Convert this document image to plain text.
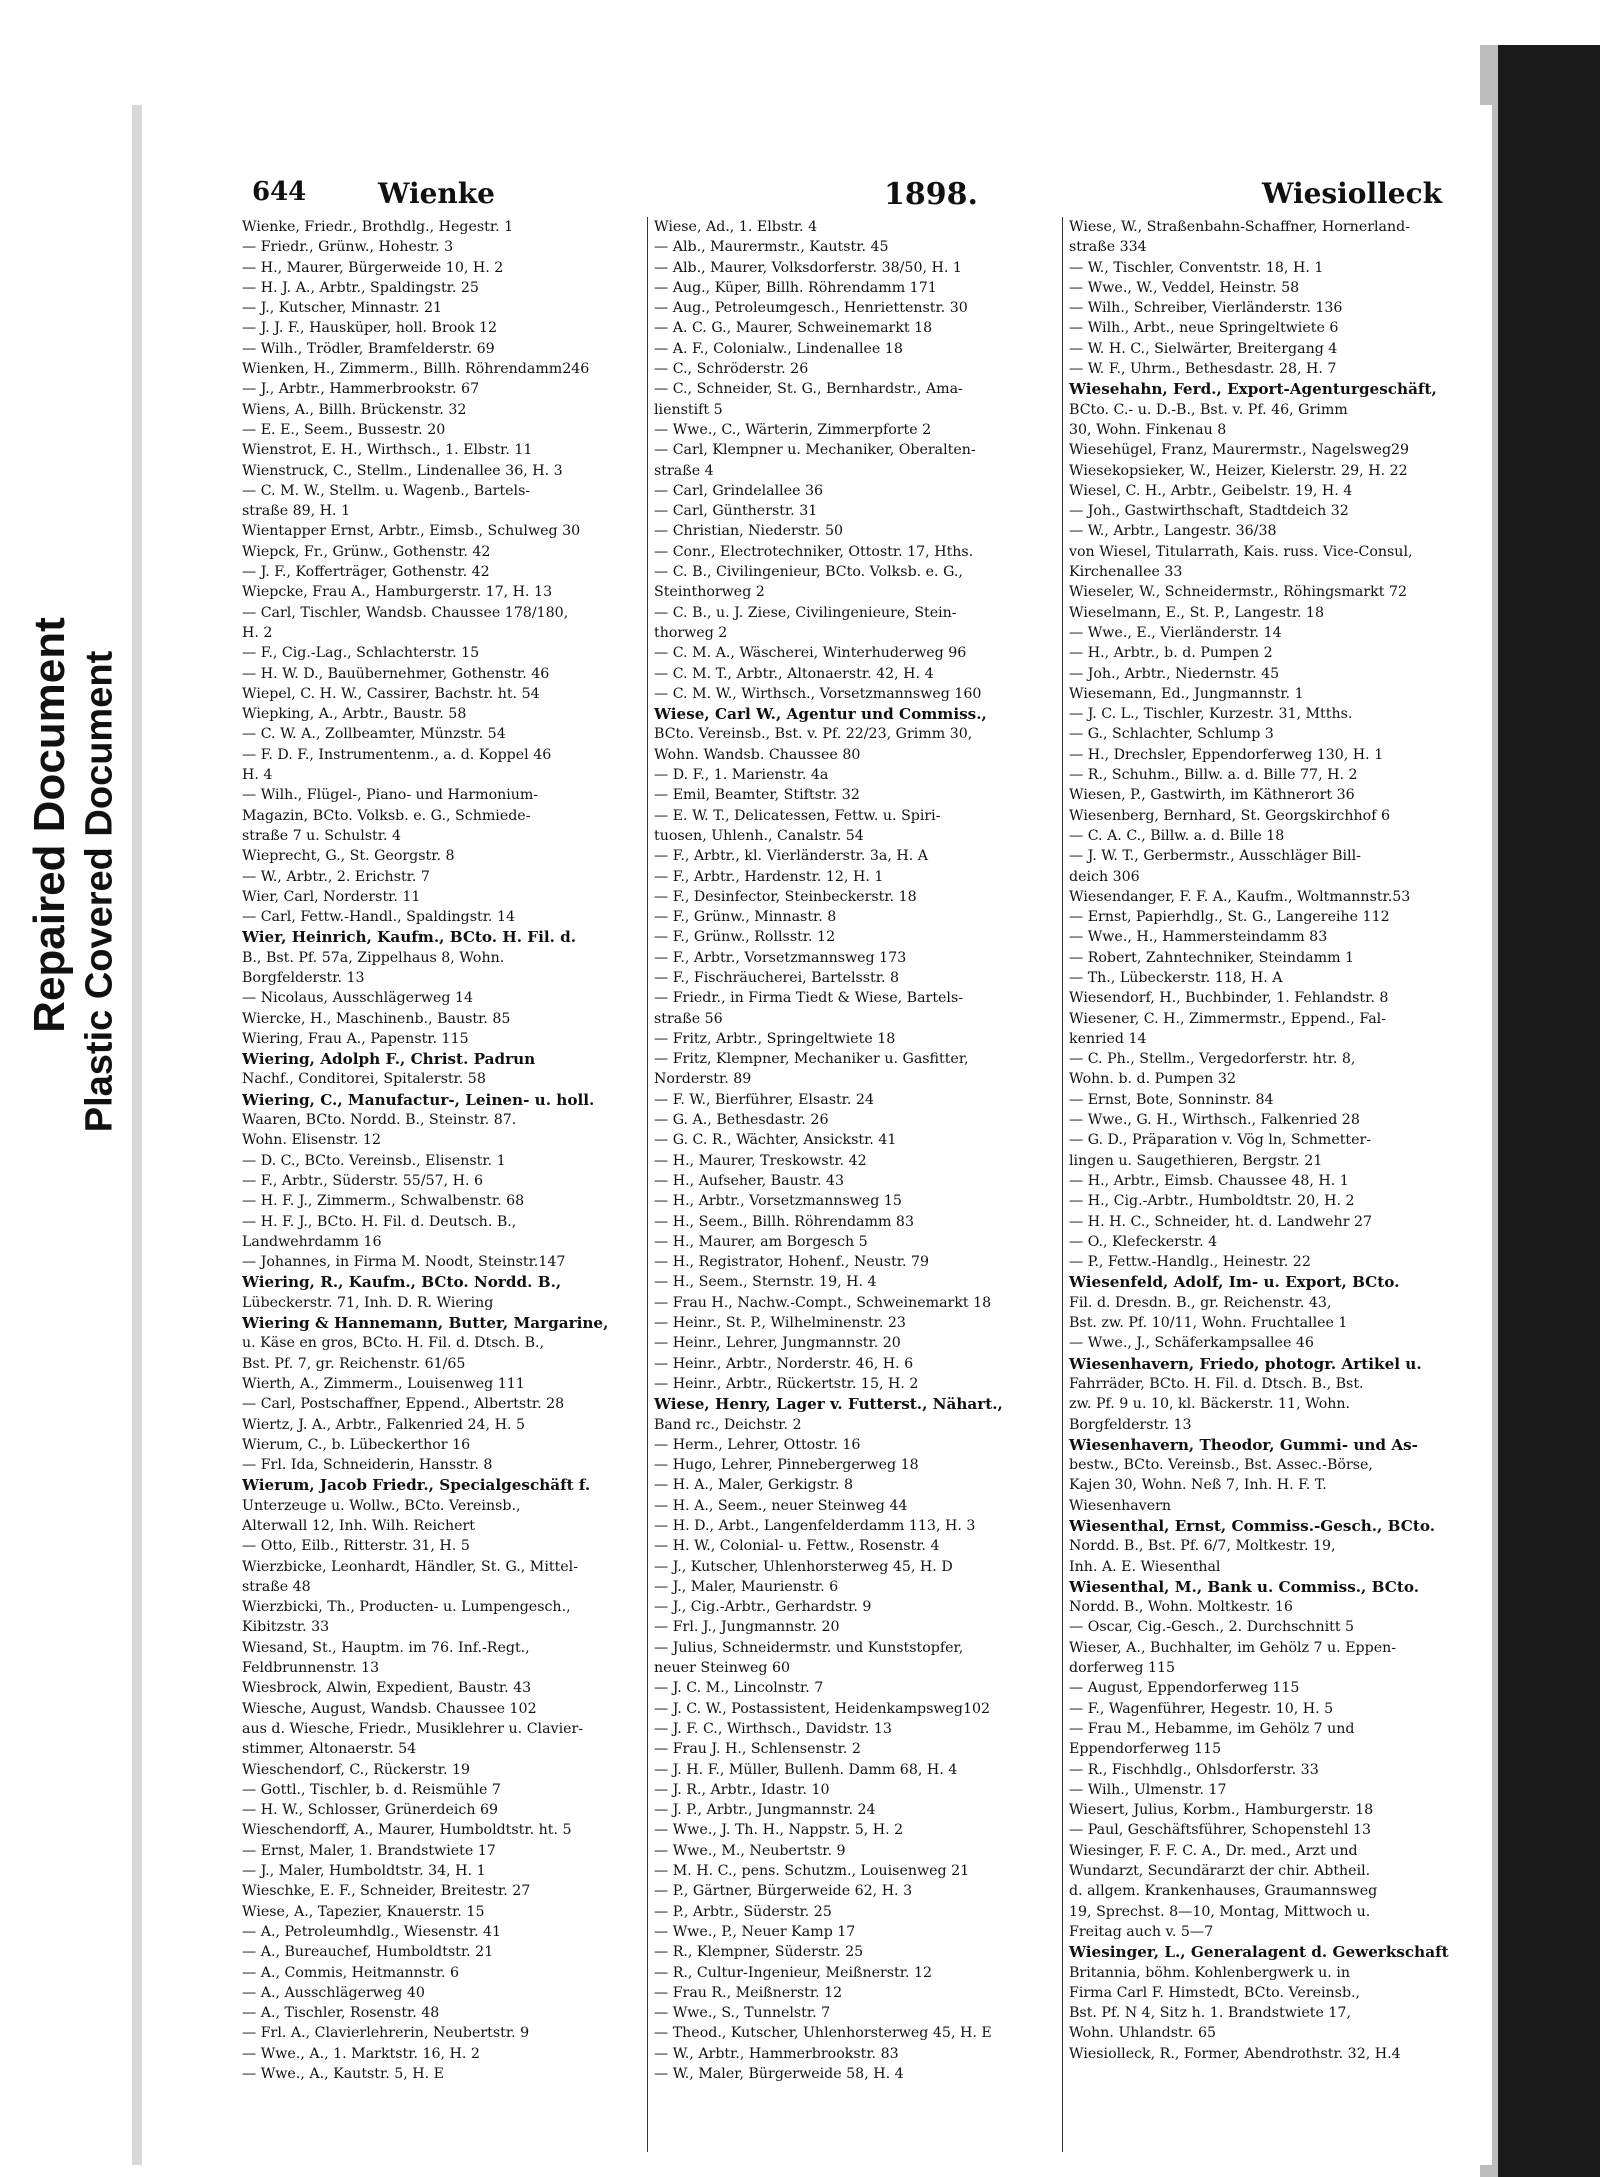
Repaired Document Plastic Covered Document
644	Wienke	1898.	Wiesiolleck
Wienke, Friedr., Brothdlg., Hegestr. 1
— Friedr., Grünw., Hohestr. 3
— H., Maurer, Bürgerweide 10, H. 2
— H. J. A., Arbtr., Spaldingstr. 25
— J., Kutscher, Minnastr. 21
— J. J. F., Hausküper, holl. Brook 12
— Wilh., Trödler, Bramfelderstr. 69
Wienken, H., Zimmerm., Billh. Röhrendamm246
— J., Arbtr., Hammerbrookstr. 67
Wiens, A., Billh. Brückenstr. 32
— E. E., Seem., Bussestr. 20
Wienstrot, E. H., Wirthsch., 1. Elbstr. 11
Wienstruck, C., Stellm., Lindenallee 36, H. 3
— C. M. W., Stellm. u. Wagenb., Bartels-
straße 89, H. 1
Wientapper Ernst, Arbtr., Eimsb., Schulweg 30
Wiepck, Fr., Grünw., Gothenstr. 42
— J. F., Kofferträger, Gothenstr. 42
Wiepcke, Frau A., Hamburgerstr. 17, H. 13
— Carl, Tischler, Wandsb. Chaussee 178/180,
H. 2
— F., Cig.-Lag., Schlachterstr. 15
— H. W. D., Bauübernehmer, Gothenstr. 46
Wiepel, C. H. W., Cassirer, Bachstr. ht. 54
Wiepking, A., Arbtr., Baustr. 58
— C. W. A., Zollbeamter, Münzstr. 54
— F. D. F., Instrumentenm., a. d. Koppel 46
H. 4
— Wilh., Flügel-, Piano- und Harmonium-
Magazin, BCto. Volksb. e. G., Schmiede-
straße 7 u. Schulstr. 4
Wieprecht, G., St. Georgstr. 8
— W., Arbtr., 2. Erichstr. 7
Wier, Carl, Norderstr. 11
— Carl, Fettw.-Handl., Spaldingstr. 14
Wier, Heinrich, Kaufm., BCto. H. Fil. d.
B., Bst. Pf. 57a, Zippelhaus 8, Wohn.
Borgfelderstr. 13
— Nicolaus, Ausschlägerweg 14
Wiercke, H., Maschinenb., Baustr. 85
Wiering, Frau A., Papenstr. 115
Wiering, Adolph F., Christ. Padrun
Nachf., Conditorei, Spitalerstr. 58
Wiering, C., Manufactur-, Leinen- u. holl.
Waaren, BCto. Nordd. B., Steinstr. 87.
Wohn. Elisenstr. 12
— D. C., BCto. Vereinsb., Elisenstr. 1
— F., Arbtr., Süderstr. 55/57, H. 6
— H. F. J., Zimmerm., Schwalbenstr. 68
— H. F. J., BCto. H. Fil. d. Deutsch. B.,
Landwehrdamm 16
— Johannes, in Firma M. Noodt, Steinstr.147
Wiering, R., Kaufm., BCto. Nordd. B.,
Lübeckerstr. 71, Inh. D. R. Wiering
Wiering & Hannemann, Butter, Margarine,
u. Käse en gros, BCto. H. Fil. d. Dtsch. B.,
Bst. Pf. 7, gr. Reichenstr. 61/65
Wierth, A., Zimmerm., Louisenweg 111
— Carl, Postschaffner, Eppend., Albertstr. 28
Wiertz, J. A., Arbtr., Falkenried 24, H. 5
Wierum, C., b. Lübeckerthor 16
— Frl. Ida, Schneiderin, Hansstr. 8
Wierum, Jacob Friedr., Specialgeschäft f.
Unterzeuge u. Wollw., BCto. Vereinsb.,
Alterwall 12, Inh. Wilh. Reichert
— Otto, Eilb., Ritterstr. 31, H. 5
Wierzbicke, Leonhardt, Händler, St. G., Mittel-
straße 48
Wierzbicki, Th., Producten- u. Lumpengesch.,
Kibitzstr. 33
Wiesand, St., Hauptm. im 76. Inf.-Regt.,
Feldbrunnenstr. 13
Wiesbrock, Alwin, Expedient, Baustr. 43
Wiesche, August, Wandsb. Chaussee 102
aus d. Wiesche, Friedr., Musiklehrer u. Clavier-
stimmer, Altonaerstr. 54
Wieschendorf, C., Rückerstr. 19
— Gottl., Tischler, b. d. Reismühle 7
— H. W., Schlosser, Grünerdeich 69
Wieschendorff, A., Maurer, Humboldtstr. ht. 5
— Ernst, Maler, 1. Brandstwiete 17
— J., Maler, Humboldtstr. 34, H. 1
Wieschke, E. F., Schneider, Breitestr. 27
Wiese, A., Tapezier, Knauerstr. 15
— A., Petroleumhdlg., Wiesenstr. 41
— A., Bureauchef, Humboldtstr. 21
— A., Commis, Heitmannstr. 6
— A., Ausschlägerweg 40
— A., Tischler, Rosenstr. 48
— Frl. A., Clavierlehrerin, Neubertstr. 9
— Wwe., A., 1. Marktstr. 16, H. 2
— Wwe., A., Kautstr. 5, H. E
Wiese, Ad., 1. Elbstr. 4
— Alb., Maurermstr., Kautstr. 45
— Alb., Maurer, Volksdorferstr. 38/50, H. 1
— Aug., Küper, Billh. Röhrendamm 171
— Aug., Petroleumgesch., Henriettenstr. 30
— A. C. G., Maurer, Schweinemarkt 18
— A. F., Colonialw., Lindenallee 18
— C., Schröderstr. 26
— C., Schneider, St. G., Bernhardstr., Ama-
lienstift 5
— Wwe., C., Wärterin, Zimmerpforte 2
— Carl, Klempner u. Mechaniker, Oberalten-
straße 4
— Carl, Grindelallee 36
— Carl, Güntherstr. 31
— Christian, Niederstr. 50
— Conr., Electrotechniker, Ottostr. 17, Hths.
— C. B., Civilingenieur, BCto. Volksb. e. G.,
Steinthorweg 2
— C. B., u. J. Ziese, Civilingenieure, Stein-
thorweg 2
— C. M. A., Wäscherei, Winterhuderweg 96
— C. M. T., Arbtr., Altonaerstr. 42, H. 4
— C. M. W., Wirthsch., Vorsetzmannsweg 160
Wiese, Carl W., Agentur und Commiss.,
BCto. Vereinsb., Bst. v. Pf. 22/23, Grimm 30,
Wohn. Wandsb. Chaussee 80
— D. F., 1. Marienstr. 4a
— Emil, Beamter, Stiftstr. 32
— E. W. T., Delicatessen, Fettw. u. Spiri-
tuosen, Uhlenh., Canalstr. 54
— F., Arbtr., kl. Vierländerstr. 3a, H. A
— F., Arbtr., Hardenstr. 12, H. 1
— F., Desinfector, Steinbeckerstr. 18
— F., Grünw., Minnastr. 8
— F., Grünw., Rollsstr. 12
— F., Arbtr., Vorsetzmannsweg 173
— F., Fischräucherei, Bartelsstr. 8
— Friedr., in Firma Tiedt & Wiese, Bartels-
straße 56
— Fritz, Arbtr., Springeltwiete 18
— Fritz, Klempner, Mechaniker u. Gasfitter,
Norderstr. 89
— F. W., Bierführer, Elsastr. 24
— G. A., Bethesdastr. 26
— G. C. R., Wächter, Ansickstr. 41
— H., Maurer, Treskowstr. 42
— H., Aufseher, Baustr. 43
— H., Arbtr., Vorsetzmannsweg 15
— H., Seem., Billh. Röhrendamm 83
— H., Maurer, am Borgesch 5
— H., Registrator, Hohenf., Neustr. 79
— H., Seem., Sternstr. 19, H. 4
— Frau H., Nachw.-Compt., Schweinemarkt 18
— Heinr., St. P., Wilhelminenstr. 23
— Heinr., Lehrer, Jungmannstr. 20
— Heinr., Arbtr., Norderstr. 46, H. 6
— Heinr., Arbtr., Rückertstr. 15, H. 2
Wiese, Henry, Lager v. Futterst., Nähart.,
Band rc., Deichstr. 2
— Herm., Lehrer, Ottostr. 16
— Hugo, Lehrer, Pinnebergerweg 18
— H. A., Maler, Gerkigstr. 8
— H. A., Seem., neuer Steinweg 44
— H. D., Arbt., Langenfelderdamm 113, H. 3
— H. W., Colonial- u. Fettw., Rosenstr. 4
— J., Kutscher, Uhlenhorsterweg 45, H. D
— J., Maler, Maurienstr. 6
— J., Cig.-Arbtr., Gerhardstr. 9
— Frl. J., Jungmannstr. 20
— Julius, Schneidermstr. und Kunststopfer,
neuer Steinweg 60
— J. C. M., Lincolnstr. 7
— J. C. W., Postassistent, Heidenkampsweg102
— J. F. C., Wirthsch., Davidstr. 13
— Frau J. H., Schlensenstr. 2
— J. H. F., Müller, Bullenh. Damm 68, H. 4
— J. R., Arbtr., Idastr. 10
— J. P., Arbtr., Jungmannstr. 24
— Wwe., J. Th. H., Nappstr. 5, H. 2
— Wwe., M., Neubertstr. 9
— M. H. C., pens. Schutzm., Louisenweg 21
— P., Gärtner, Bürgerweide 62, H. 3
— P., Arbtr., Süderstr. 25
— Wwe., P., Neuer Kamp 17
— R., Klempner, Süderstr. 25
— R., Cultur-Ingenieur, Meißnerstr. 12
— Frau R., Meißnerstr. 12
— Wwe., S., Tunnelstr. 7
— Theod., Kutscher, Uhlenhorsterweg 45, H. E
— W., Arbtr., Hammerbrookstr. 83
— W., Maler, Bürgerweide 58, H. 4
Wiese, W., Straßenbahn-Schaffner, Hornerland-
straße 334
— W., Tischler, Conventstr. 18, H. 1
— Wwe., W., Veddel, Heinstr. 58
— Wilh., Schreiber, Vierländerstr. 136
— Wilh., Arbt., neue Springeltwiete 6
— W. H. C., Sielwärter, Breitergang 4
— W. F., Uhrm., Bethesdastr. 28, H. 7
Wiesehahn, Ferd., Export-Agenturgeschäft,
BCto. C.- u. D.-B., Bst. v. Pf. 46, Grimm
30, Wohn. Finkenau 8
Wiesehügel, Franz, Maurermstr., Nagelsweg29
Wiesekopsieker, W., Heizer, Kielerstr. 29, H. 22
Wiesel, C. H., Arbtr., Geibelstr. 19, H. 4
— Joh., Gastwirthschaft, Stadtdeich 32
— W., Arbtr., Langestr. 36/38
von Wiesel, Titularrath, Kais. russ. Vice-Consul,
Kirchenallee 33
Wieseler, W., Schneidermstr., Röhingsmarkt 72
Wieselmann, E., St. P., Langestr. 18
— Wwe., E., Vierländerstr. 14
— H., Arbtr., b. d. Pumpen 2
— Joh., Arbtr., Niedernstr. 45
Wiesemann, Ed., Jungmannstr. 1
— J. C. L., Tischler, Kurzestr. 31, Mtths.
— G., Schlachter, Schlump 3
— H., Drechsler, Eppendorferweg 130, H. 1
— R., Schuhm., Billw. a. d. Bille 77, H. 2
Wiesen, P., Gastwirth, im Käthnerort 36
Wiesenberg, Bernhard, St. Georgskirchhof 6
— C. A. C., Billw. a. d. Bille 18
— J. W. T., Gerbermstr., Ausschläger Bill-
deich 306
Wiesendanger, F. F. A., Kaufm., Woltmannstr.53
— Ernst, Papierhdlg., St. G., Langereihe 112
— Wwe., H., Hammersteindamm 83
— Robert, Zahntechniker, Steindamm 1
— Th., Lübeckerstr. 118, H. A
Wiesendorf, H., Buchbinder, 1. Fehlandstr. 8
Wiesener, C. H., Zimmermstr., Eppend., Fal-
kenried 14
— C. Ph., Stellm., Vergedorferstr. htr. 8,
Wohn. b. d. Pumpen 32
— Ernst, Bote, Sonninstr. 84
— Wwe., G. H., Wirthsch., Falkenried 28
— G. D., Präparation v. Vög ln, Schmetter-
lingen u. Saugethieren, Bergstr. 21
— H., Arbtr., Eimsb. Chaussee 48, H. 1
— H., Cig.-Arbtr., Humboldtstr. 20, H. 2
— H. H. C., Schneider, ht. d. Landwehr 27
— O., Klefeckerstr. 4
— P., Fettw.-Handlg., Heinestr. 22
Wiesenfeld, Adolf, Im- u. Export, BCto.
Fil. d. Dresdn. B., gr. Reichenstr. 43,
Bst. zw. Pf. 10/11, Wohn. Fruchtallee 1
— Wwe., J., Schäferkampsallee 46
Wiesenhavern, Friedo, photogr. Artikel u.
Fahrräder, BCto. H. Fil. d. Dtsch. B., Bst.
zw. Pf. 9 u. 10, kl. Bäckerstr. 11, Wohn.
Borgfelderstr. 13
Wiesenhavern, Theodor, Gummi- und As-
bestw., BCto. Vereinsb., Bst. Assec.-Börse,
Kajen 30, Wohn. Neß 7, Inh. H. F. T.
Wiesenhavern
Wiesenthal, Ernst, Commiss.-Gesch., BCto.
Nordd. B., Bst. Pf. 6/7, Moltkestr. 19,
Inh. A. E. Wiesenthal
Wiesenthal, M., Bank u. Commiss., BCto.
Nordd. B., Wohn. Moltkestr. 16
— Oscar, Cig.-Gesch., 2. Durchschnitt 5
Wieser, A., Buchhalter, im Gehölz 7 u. Eppen-
dorferweg 115
— August, Eppendorferweg 115
— F., Wagenführer, Hegestr. 10, H. 5
— Frau M., Hebamme, im Gehölz 7 und
Eppendorferweg 115
— R., Fischhdlg., Ohlsdorferstr. 33
— Wilh., Ulmenstr. 17
Wiesert, Julius, Korbm., Hamburgerstr. 18
— Paul, Geschäftsführer, Schopenstehl 13
Wiesinger, F. F. C. A., Dr. med., Arzt und
Wundarzt, Secundärarzt der chir. Abtheil.
d. allgem. Krankenhauses, Graumannsweg
19, Sprechst. 8—10, Montag, Mittwoch u.
Freitag auch v. 5—7
Wiesinger, L., Generalagent d. Gewerkschaft
Britannia, böhm. Kohlenbergwerk u. in
Firma Carl F. Himstedt, BCto. Vereinsb.,
Bst. Pf. N 4, Sitz h. 1. Brandstwiete 17,
Wohn. Uhlandstr. 65
Wiesiolleck, R., Former, Abendrothstr. 32, H.4
